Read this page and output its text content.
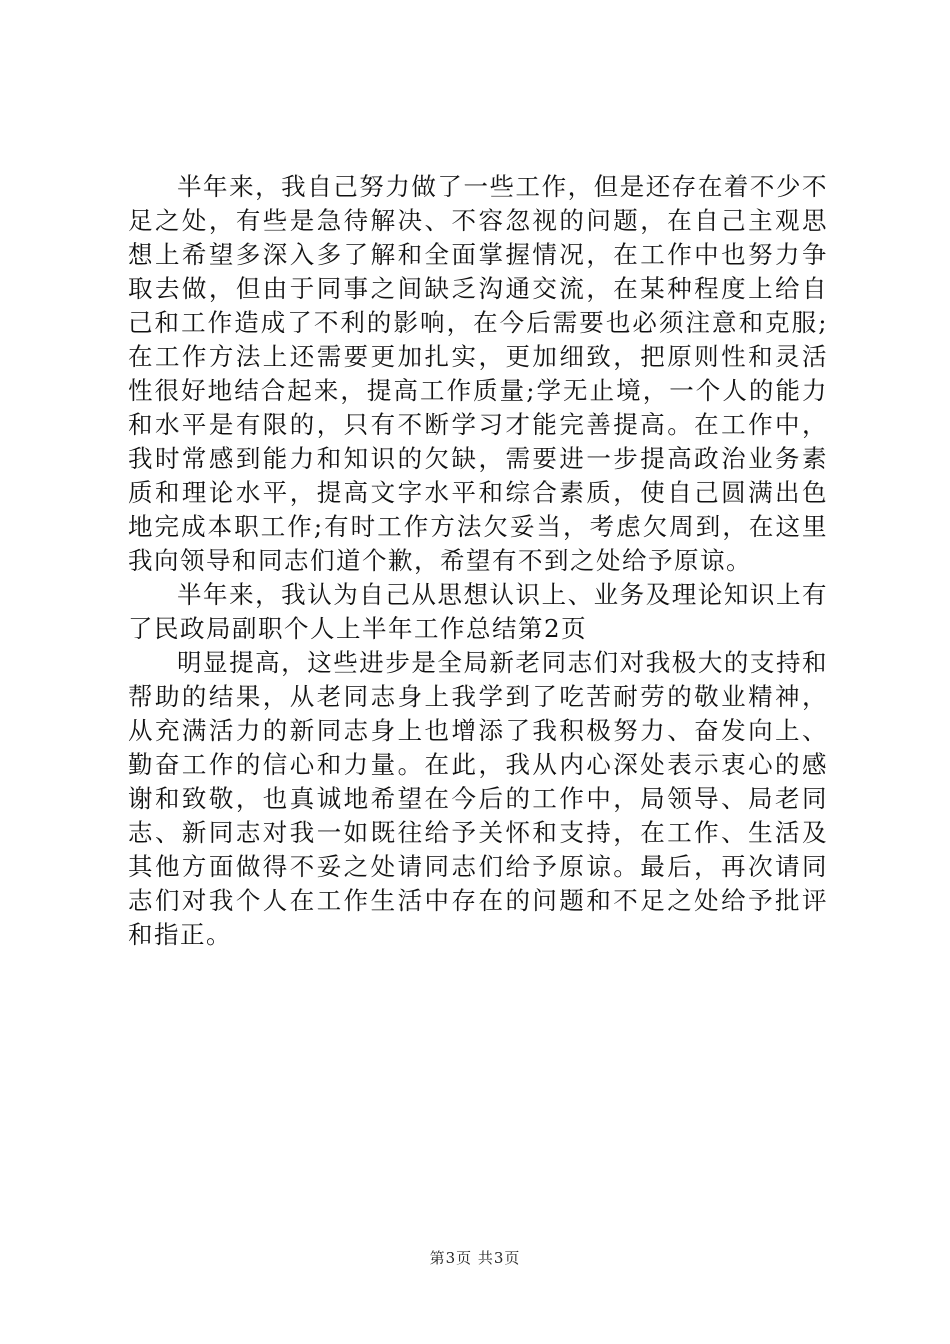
半年来，我自己努力做了一些工作，但是还存在着不少不足之处，有些是急待解决、不容忽视的问题，在自己主观思想上希望多深入多了解和全面掌握情况，在工作中也努力争取去做，但由于同事之间缺乏沟通交流，在某种程度上给自己和工作造成了不利的影响，在今后需要也必须注意和克服;在工作方法上还需要更加扎实，更加细致，把原则性和灵活性很好地结合起来，提高工作质量;学无止境，一个人的能力和水平是有限的，只有不断学习才能完善提高。在工作中，我时常感到能力和知识的欠缺，需要进一步提高政治业务素质和理论水平，提高文字水平和综合素质，使自己圆满出色地完成本职工作;有时工作方法欠妥当，考虑欠周到，在这里我向领导和同志们道个歉，希望有不到之处给予原谅。

半年来，我认为自己从思想认识上、业务及理论知识上有了民政局副职个人上半年工作总结第2页

明显提高，这些进步是全局新老同志们对我极大的支持和帮助的结果，从老同志身上我学到了吃苦耐劳的敬业精神，从充满活力的新同志身上也增添了我积极努力、奋发向上、勤奋工作的信心和力量。在此，我从内心深处表示衷心的感谢和致敬，也真诚地希望在今后的工作中，局领导、局老同志、新同志对我一如既往给予关怀和支持，在工作、生活及其他方面做得不妥之处请同志们给予原谅。最后，再次请同志们对我个人在工作生活中存在的问题和不足之处给予批评和指正。

第3页 共3页
